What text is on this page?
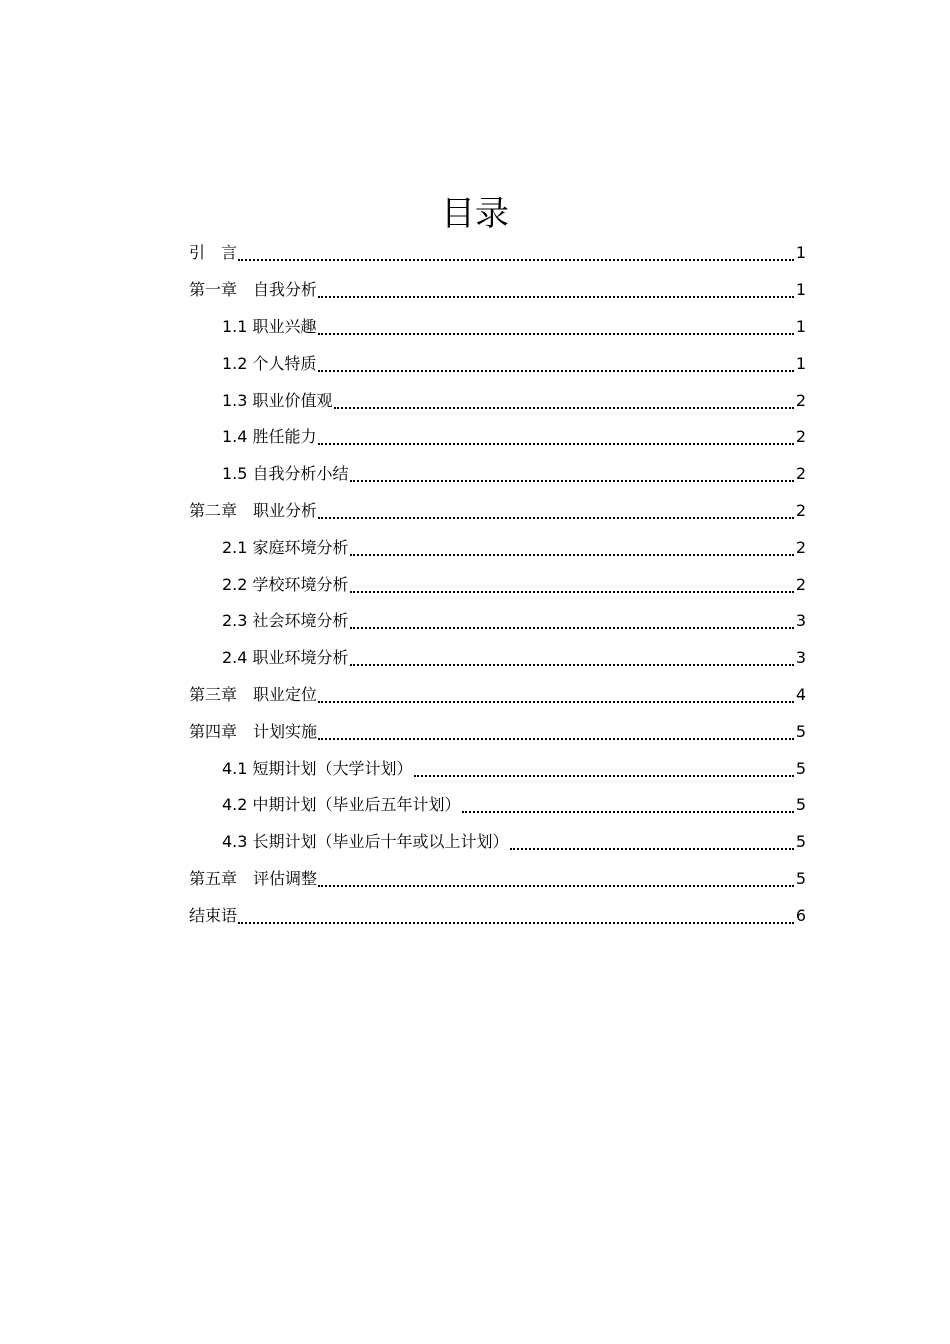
目录
引　言	1
第一章　自我分析	1
1.1 职业兴趣	1
1.2 个人特质	1
1.3 职业价值观	2
1.4 胜任能力	2
1.5 自我分析小结	2
第二章　职业分析	2
2.1 家庭环境分析	2
2.2 学校环境分析	2
2.3 社会环境分析	3
2.4 职业环境分析	3
第三章　职业定位	4
第四章　计划实施	5
4.1 短期计划（大学计划）	5
4.2 中期计划（毕业后五年计划）	5
4.3 长期计划（毕业后十年或以上计划）	5
第五章　评估调整	5
结束语	6
